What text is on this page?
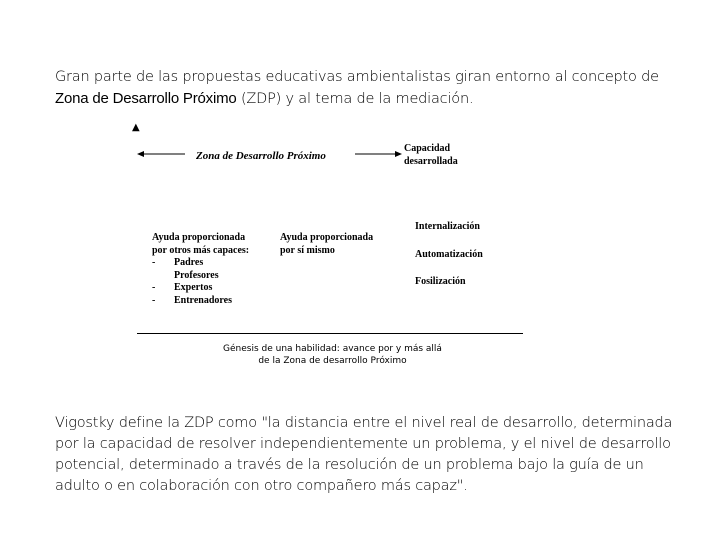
Gran parte de las propuestas educativas ambientalistas giran entorno al concepto de Zona de Desarrollo Próximo (ZDP) y al tema de la mediación.

▲
Zona de Desarrollo Próximo
Capacidad
desarrollada
Ayuda proporcionada
por otros más capaces:
- Padres
Profesores
- Expertos
- Entrenadores
Ayuda proporcionada
por sí mismo
Internalización
Automatización
Fosilización
Génesis de una habilidad: avance por y más allá
de la Zona de desarrollo Próximo

Vigostky define la ZDP como "la distancia entre el nivel real de desarrollo, determinada por la capacidad de resolver independientemente un problema, y el nivel de desarrollo potencial, determinado a través de la resolución de un problema bajo la guía de un adulto o en colaboración con otro compañero más capaz".
